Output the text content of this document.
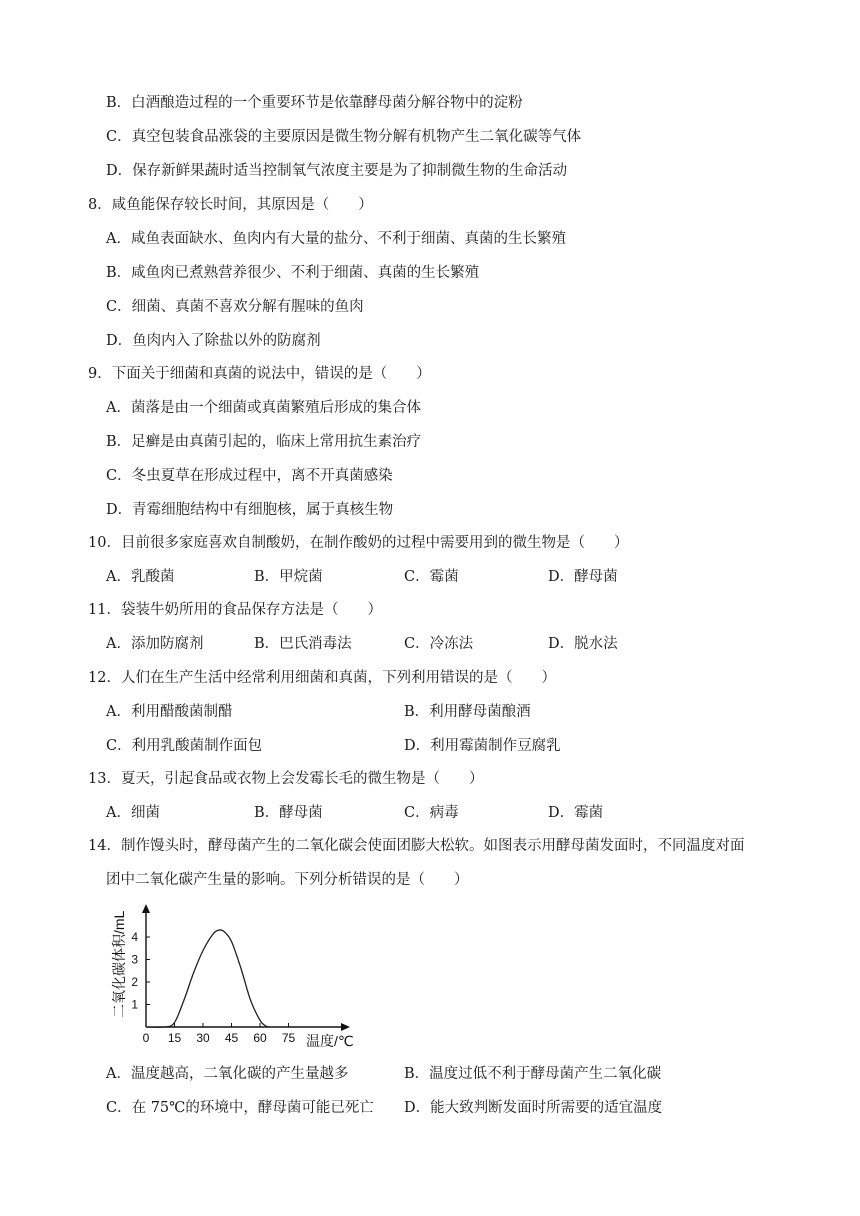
B．白酒酿造过程的一个重要环节是依靠酵母菌分解谷物中的淀粉
C．真空包装食品涨袋的主要原因是微生物分解有机物产生二氧化碳等气体
D．保存新鲜果蔬时适当控制氧气浓度主要是为了抑制微生物的生命活动
8．咸鱼能保存较长时间，其原因是（　　）
A．咸鱼表面缺水、鱼肉内有大量的盐分、不利于细菌、真菌的生长繁殖
B．咸鱼肉已煮熟营养很少、不利于细菌、真菌的生长繁殖
C．细菌、真菌不喜欢分解有腥味的鱼肉
D．鱼肉内入了除盐以外的防腐剂
9．下面关于细菌和真菌的说法中，错误的是（　　）
A．菌落是由一个细菌或真菌繁殖后形成的集合体
B．足癣是由真菌引起的，临床上常用抗生素治疗
C．冬虫夏草在形成过程中，离不开真菌感染
D．青霉细胞结构中有细胞核，属于真核生物
10．目前很多家庭喜欢自制酸奶，在制作酸奶的过程中需要用到的微生物是（　　）
A．乳酸菌	B．甲烷菌	C．霉菌	D．酵母菌
11．袋装牛奶所用的食品保存方法是（　　）
A．添加防腐剂	B．巴氏消毒法	C．冷冻法	D．脱水法
12．人们在生产生活中经常利用细菌和真菌，下列利用错误的是（　　）
A．利用醋酸菌制醋	B．利用酵母菌酿酒
C．利用乳酸菌制作面包	D．利用霉菌制作豆腐乳
13．夏天，引起食品或衣物上会发霉长毛的微生物是（　　）
A．细菌	B．酵母菌	C．病毒	D．霉菌
14．制作馒头时，酵母菌产生的二氧化碳会使面团膨大松软。如图表示用酵母菌发面时，不同温度对面
团中二氧化碳产生量的影响。下列分析错误的是（　　）
0 15 30 45 60 75
1
2
3
4
二氧化碳体积/mL
温度/℃
A．温度越高，二氧化碳的产生量越多	B．温度过低不利于酵母菌产生二氧化碳
C．在 75℃的环境中，酵母菌可能已死亡 D．能大致判断发面时所需要的适宜温度
